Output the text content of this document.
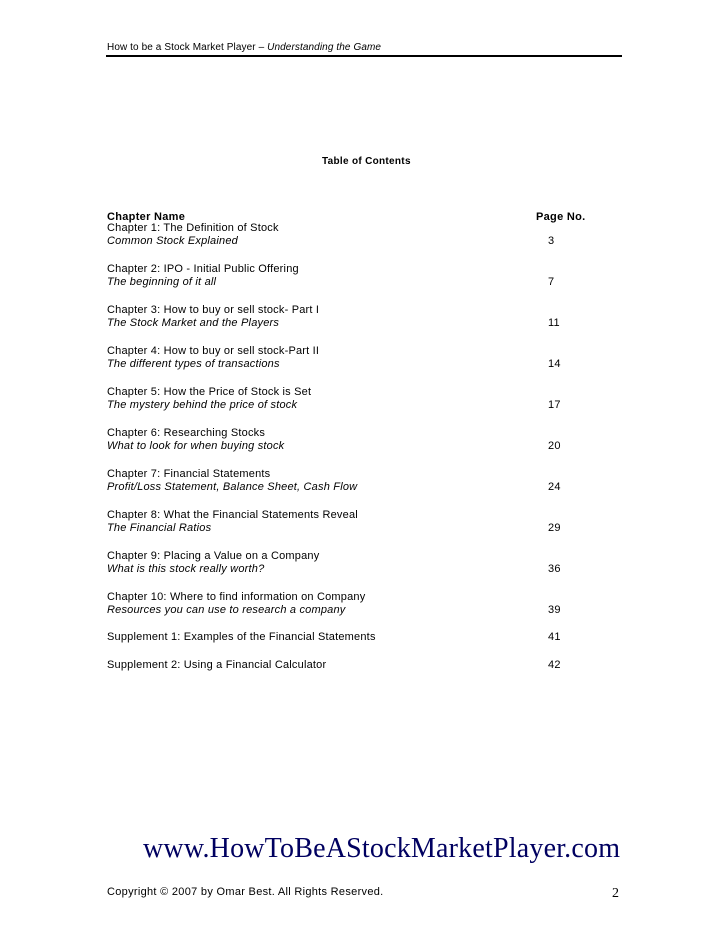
How to be a Stock Market Player – Understanding the Game
Table of Contents
Chapter Name	Page No.
Chapter 1: The Definition of Stock
Common Stock Explained	3
Chapter 2: IPO - Initial Public Offering
The beginning of it all	7
Chapter 3: How to buy or sell stock- Part I
The Stock Market and the Players	11
Chapter 4: How to buy or sell stock-Part II
The different types of transactions	14
Chapter 5: How the Price of Stock is Set
The mystery behind the price of stock	17
Chapter 6: Researching Stocks
What to look for when buying stock	20
Chapter 7: Financial Statements
Profit/Loss Statement, Balance Sheet, Cash Flow	24
Chapter 8: What the Financial Statements Reveal
The Financial Ratios	29
Chapter 9: Placing a Value on a Company
What is this stock really worth?	36
Chapter 10: Where to find information on Company
Resources you can use to research a company	39
Supplement 1: Examples of the Financial Statements	41
Supplement 2: Using a Financial Calculator	42
www.HowToBeAStockMarketPlayer.com
Copyright © 2007 by Omar Best. All Rights Reserved.	2
